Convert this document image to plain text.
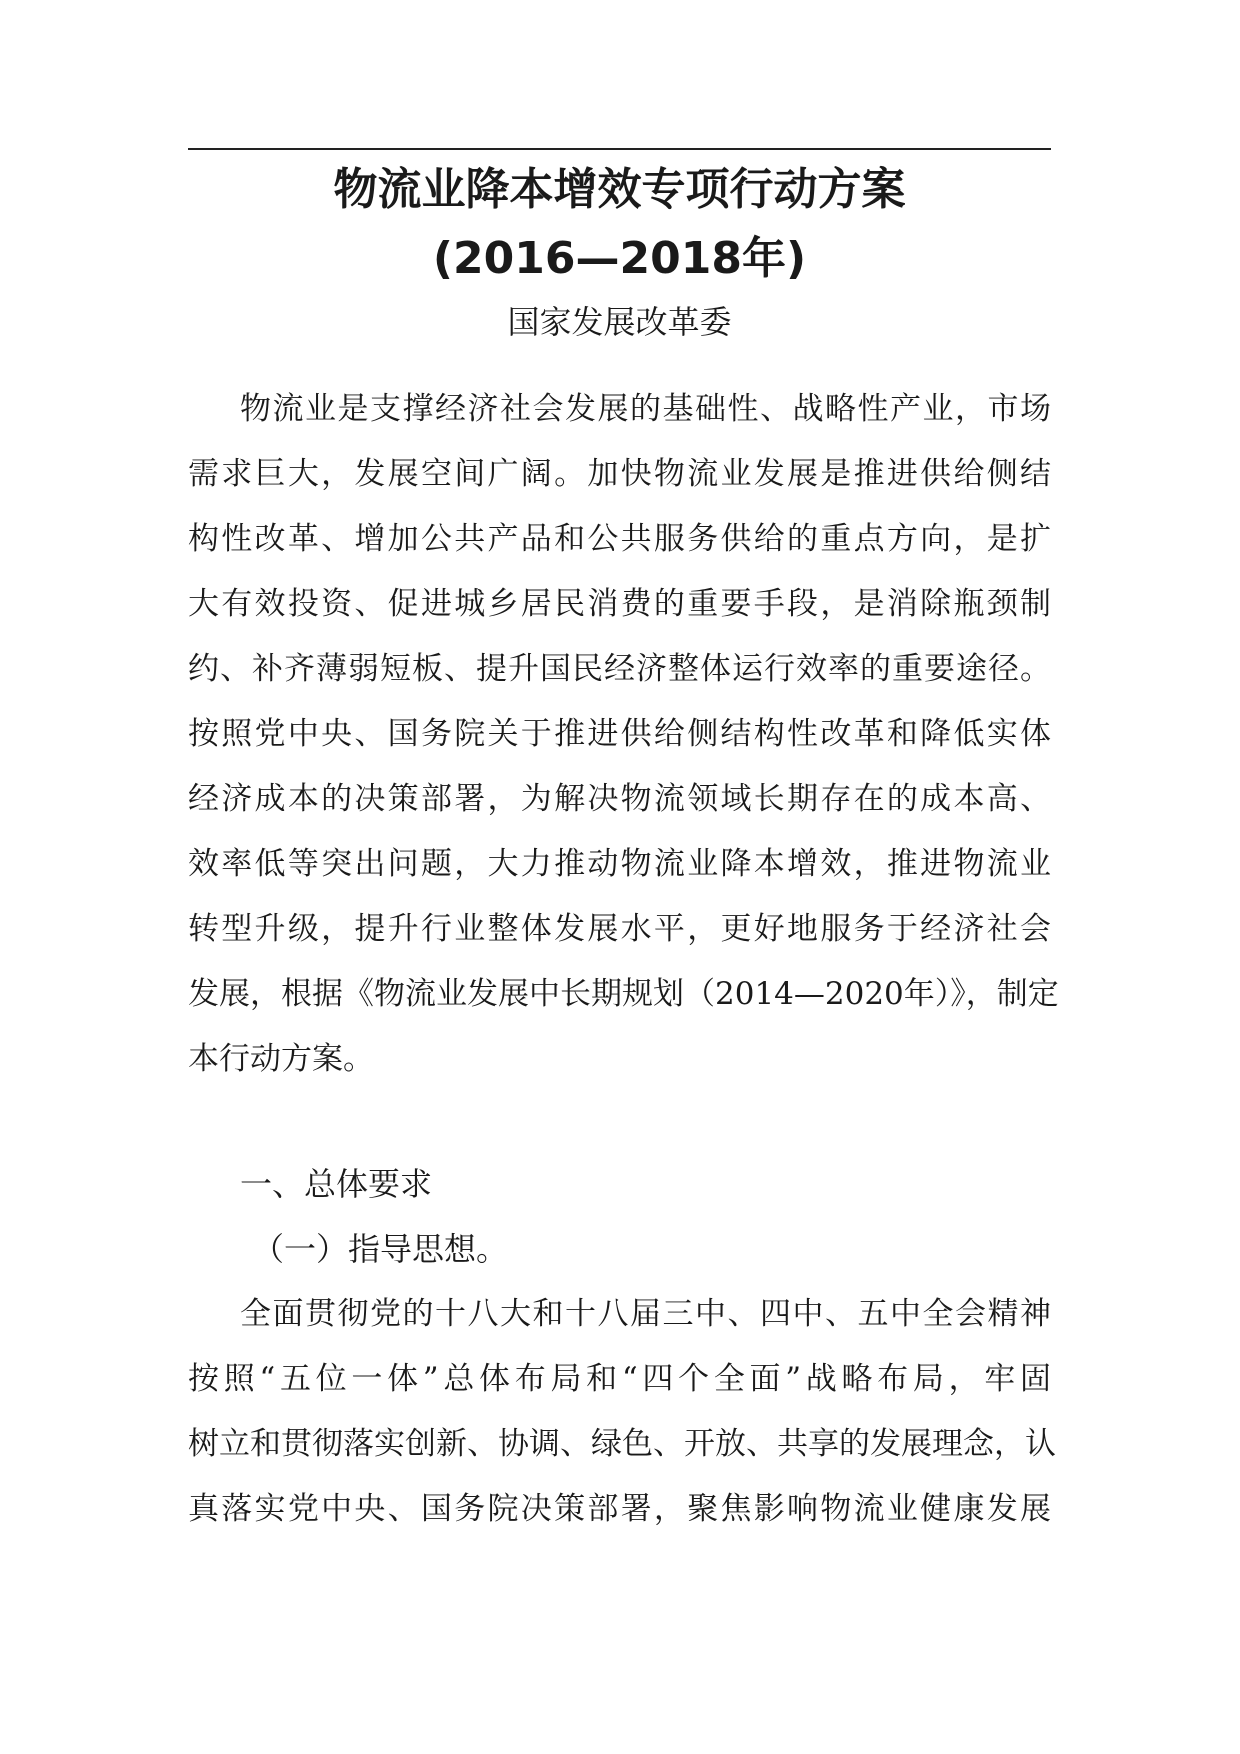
物流业降本增效专项行动方案
(2016—2018年)
国家发展改革委
物流业是支撑经济社会发展的基础性、战略性产业，市场
需求巨大，发展空间广阔。加快物流业发展是推进供给侧结
构性改革、增加公共产品和公共服务供给的重点方向，是扩
大有效投资、促进城乡居民消费的重要手段，是消除瓶颈制
约、补齐薄弱短板、提升国民经济整体运行效率的重要途径。
按照党中央、国务院关于推进供给侧结构性改革和降低实体
经济成本的决策部署，为解决物流领域长期存在的成本高、
效率低等突出问题，大力推动物流业降本增效，推进物流业
转型升级，提升行业整体发展水平，更好地服务于经济社会
发展，根据《物流业发展中长期规划（2014—2020年）》，制定
本行动方案。
一、总体要求
（一）指导思想。
全面贯彻党的十八大和十八届三中、四中、五中全会精神
按照“五位一体”总体布局和“四个全面”战略布局，牢固
树立和贯彻落实创新、协调、绿色、开放、共享的发展理念，认
真落实党中央、国务院决策部署，聚焦影响物流业健康发展
